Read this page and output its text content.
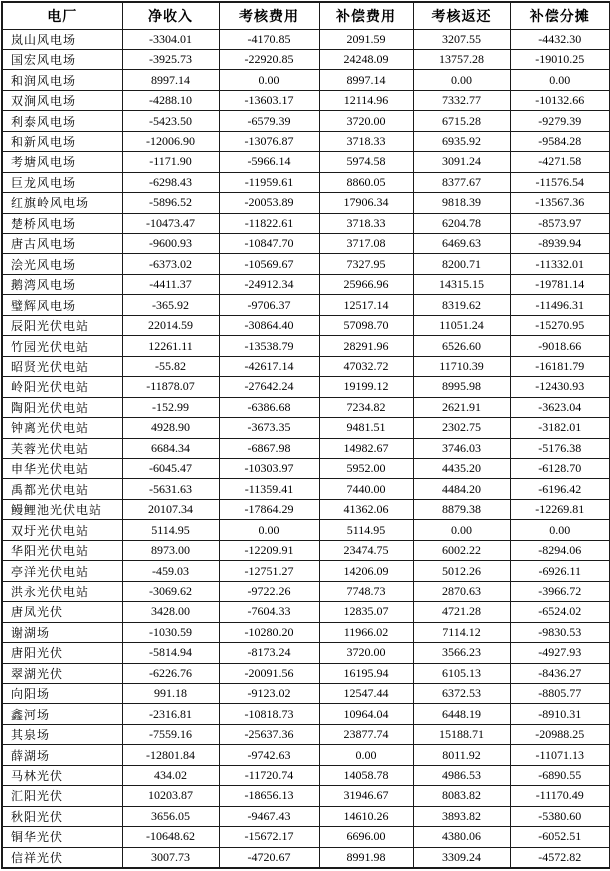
电厂	净收入	考核费用	补偿费用	考核返还	补偿分摊
岚山风电场	-3304.01	-4170.85	2091.59	3207.55	-4432.30
国宏风电场	-3925.73	-22920.85	24248.09	13757.28	-19010.25
和润风电场	8997.14	0.00	8997.14	0.00	0.00
双涧风电场	-4288.10	-13603.17	12114.96	7332.77	-10132.66
利泰风电场	-5423.50	-6579.39	3720.00	6715.28	-9279.39
和新风电场	-12006.90	-13076.87	3718.33	6935.92	-9584.28
考塘风电场	-1171.90	-5966.14	5974.58	3091.24	-4271.58
巨龙风电场	-6298.43	-11959.61	8860.05	8377.67	-11576.54
红旗岭风电场	-5896.52	-20053.89	17906.34	9818.39	-13567.36
楚桥风电场	-10473.47	-11822.61	3718.33	6204.78	-8573.97
唐古风电场	-9600.93	-10847.70	3717.08	6469.63	-8939.94
浍光风电场	-6373.02	-10569.67	7327.95	8200.71	-11332.01
鹅湾风电场	-4411.37	-24912.34	25966.96	14315.15	-19781.14
璧辉风电场	-365.92	-9706.37	12517.14	8319.62	-11496.31
辰阳光伏电站	22014.59	-30864.40	57098.70	11051.24	-15270.95
竹园光伏电站	12261.11	-13538.79	28291.96	6526.60	-9018.66
昭贤光伏电站	-55.82	-42617.14	47032.72	11710.39	-16181.79
岭阳光伏电站	-11878.07	-27642.24	19199.12	8995.98	-12430.93
陶阳光伏电站	-152.99	-6386.68	7234.82	2621.91	-3623.04
钟离光伏电站	4928.90	-3673.35	9481.51	2302.75	-3182.01
芙蓉光伏电站	6684.34	-6867.98	14982.67	3746.03	-5176.38
申华光伏电站	-6045.47	-10303.97	5952.00	4435.20	-6128.70
禹都光伏电站	-5631.63	-11359.41	7440.00	4484.20	-6196.42
鳗鲤池光伏电站	20107.34	-17864.29	41362.06	8879.38	-12269.81
双圩光伏电站	5114.95	0.00	5114.95	0.00	0.00
华阳光伏电站	8973.00	-12209.91	23474.75	6002.22	-8294.06
亭洋光伏电站	-459.03	-12751.27	14206.09	5012.26	-6926.11
洪永光伏电站	-3069.62	-9722.26	7748.73	2870.63	-3966.72
唐凤光伏	3428.00	-7604.33	12835.07	4721.28	-6524.02
谢湖场	-1030.59	-10280.20	11966.02	7114.12	-9830.53
唐阳光伏	-5814.94	-8173.24	3720.00	3566.23	-4927.93
翠湖光伏	-6226.76	-20091.56	16195.94	6105.13	-8436.27
向阳场	991.18	-9123.02	12547.44	6372.53	-8805.77
鑫河场	-2316.81	-10818.73	10964.04	6448.19	-8910.31
其泉场	-7559.16	-25637.36	23877.74	15188.71	-20988.25
薛湖场	-12801.84	-9742.63	0.00	8011.92	-11071.13
马林光伏	434.02	-11720.74	14058.78	4986.53	-6890.55
汇阳光伏	10203.87	-18656.13	31946.67	8083.82	-11170.49
秋阳光伏	3656.05	-9467.43	14610.26	3893.82	-5380.60
铜华光伏	-10648.62	-15672.17	6696.00	4380.06	-6052.51
信祥光伏	3007.73	-4720.67	8991.98	3309.24	-4572.82
